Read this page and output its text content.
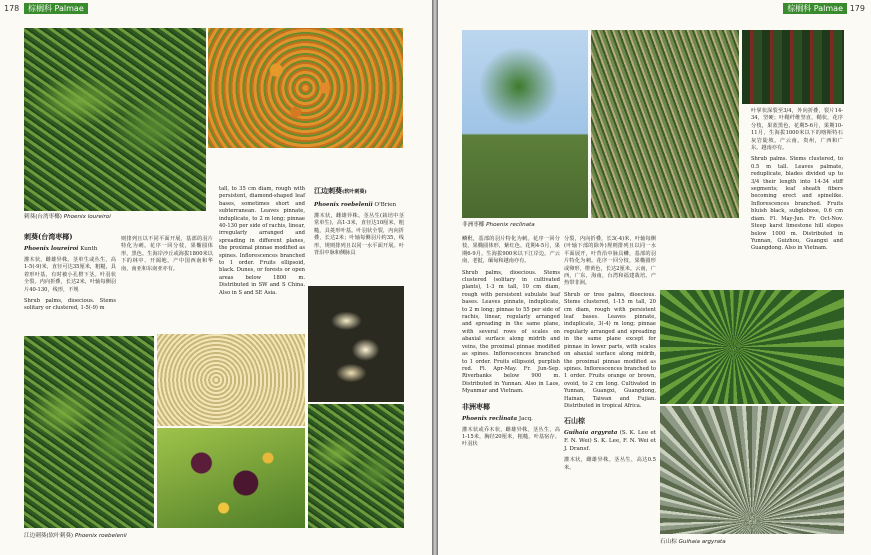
178	棕榈科 Palmae
刺葵(台湾枣椰) Phoenix loureiroi

刺葵(台湾枣椰)

Phoenix loureiroi Kunth

灌木状，雌雄异株。茎单生或丛生，高1-5(-9)米，直径可达35厘米，粗糙，具着形叶基，有时被小孔橙下茎。叶羽状全裂，内向折叠，长达2米，叶轴每侧羽片40-130，线形，不规

Shrub palms, dioecious. Stems solitary or clustered, 1-5(-9) m

则排列且以不同平面开展，基部的羽片特化为刺。花序一回分枝，果椭圆体形，黑色。生海岸沙丘或海拔1800米以下的林中、开阔地。产中国西南和华南，南亚和东南亚亦有。

tall, to 35 cm diam, rough with persistent, diamond-shaped leaf bases, sometimes short and subterranean. Leaves pinnate, induplicate, to 2 m long; pinnae 40-130 per side of rachis, linear, irregularly arranged and spreading in different planes, the proximal pinnae modified as spines. Inflorescences branched to 1 order. Fruits ellipsoid, black. Dunes, or forests or open areas below 1800 m. Distributed in SW and S China. Also in S and SE Asia.

江边刺葵(软叶刺葵)

Phoenix roebelenii O'Brien

灌木状，雌雄异株。茎丛生(栽培中茎常单生)，高1-3米，直径达10厘米，粗糙，具菱形叶基。叶羽状全裂，内向折叠，长达2米；叶轴每侧羽片约35，线形，规则排列且以同一水平面开展。叶背沿中脉和侧脉具

江边刺葵(软叶刺葵) Phoenix roebelenii
179
棕榈科 Palmae
非洲枣椰 Phoenix reclinata

鳞秕，基部的羽片特化为刺。花序一回分枝，果椭圆体形，紫红色。花期4-5月，果期6-9月。生海拔900米以下江岸边。产云南，老挝，缅甸和越南亦有。

Shrub palms, dioecious. Stems clustered (solitary in cultivated plants), 1-3 m tall, 10 cm diam, rough with persistent subulate leaf bases. Leaves pinnate, induplicate, to 2 m long; pinnae to 55 per side of rachis, linear, regularly arranged and spreading in the same plane, with several rows of scales on abaxial surface along midrib and veins, the proximal pinnae modified as spines. Inflorescences branched to 1 order. Fruits ellipsoid, purplish red. Fl. Apr-May. Fr. Jun-Sep. Riverbanks below 900 m. Distributed in Yunnan. Also in Laos, Myanmar and Vietnam.

非洲枣椰

Phoenix reclinata Jacq.

灌木状或乔木状，雌雄异株。茎丛生，高1-15米，胸径20厘米，粗糙，叶基宿存。叶羽状

分裂，内向折叠，长3(-4)米，叶轴每侧(叶轴下部的除外)规则排列且以同一水平面展开，叶背沿中脉具鳞，基部的羽片特化为刺。花序一回分枝，果椭圆形或卵形，橙黄色，长达2厘米。云南，广西，广东，海南，台湾和福建栽培。产热带非洲。

Shrub or tree palms, dioecious. Stems clustered, 1-15 m tall, 20 cm diam, rough with persistent leaf bases. Leaves pinnate, induplicate, 3(-4) m long; pinnae regularly arranged and spreading in the same plane except for pinnae in lower parts, with scales on abaxial surface along midrib, the proximal pinnae modified as spines. Inflorescences branched to 1 order. Fruits orange or brown, ovoid, to 2 cm long. Cultivated in Yunnan, Guangxi, Guangdong, Hainan, Taiwan and Fujian. Distributed in tropical Africa.

石山棕

Guihaia argyrata (S. K. Lee et F. N. Wei) S. K. Lee, F. N. Wei et J. Dransf.

灌木状，雌雄异株。茎丛生，高达0.5米。

叶掌状深裂至3/4，外向折叠，裂片14-34，坚硬；叶鞘纤维坚直，鞘状，花序分枝，果蓝黑色，花期5-6月，果期10-11月，生海拔1000米以下的喀斯特石灰岩陡坡。产云南，贵州，广西和广东。越南亦有。

Shrub palms. Stems clustered, to 0.5 m tall. Leaves palmate, reduplicate, blades divided up to 3/4 their length into 14-34 stiff segments; leaf sheath fibers becoming erect and spinelike. Inflorescences branched. Fruits bluish black, subglobose, 0.6 cm diam. Fl. May-Jun. Fr. Oct-Nov. Steep karst limestone hill slopes below 1000 m. Distributed in Yunnan, Guizhou, Guangxi and Guangdong. Also in Vietnam.

石山棕 Guihaia argyrata
